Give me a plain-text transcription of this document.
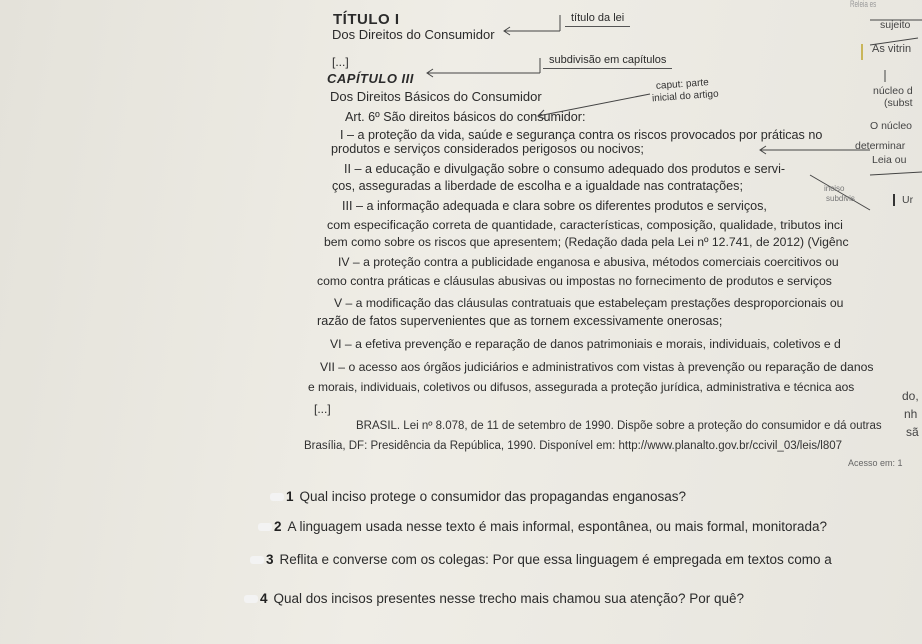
Releia es
TÍTULO I
Dos Direitos do Consumidor
[...]
CAPÍTULO III
Dos Direitos Básicos do Consumidor
Art. 6º São direitos básicos do consumidor:
título da lei
subdivisão em capítulos
caput: parte
inicial do artigo
sujeito
As vitrin
núcleo d
(subst
O núcleo
determinar
Leia ou
inciso
subdivis	Ur
do,
nh
sã
I – a proteção da vida, saúde e segurança contra os riscos provocados por práticas no
produtos e serviços considerados perigosos ou nocivos;
II – a educação e divulgação sobre o consumo adequado dos produtos e servi-
ços, asseguradas a liberdade de escolha e a igualdade nas contratações;
III – a informação adequada e clara sobre os diferentes produtos e serviços,
com especificação correta de quantidade, características, composição, qualidade, tributos inci
bem como sobre os riscos que apresentem; (Redação dada pela Lei nº 12.741, de 2012) (Vigênc
IV – a proteção contra a publicidade enganosa e abusiva, métodos comerciais coercitivos ou
como contra práticas e cláusulas abusivas ou impostas no fornecimento de produtos e serviços
V – a modificação das cláusulas contratuais que estabeleçam prestações desproporcionais ou
razão de fatos supervenientes que as tornem excessivamente onerosas;
VI – a efetiva prevenção e reparação de danos patrimoniais e morais, individuais, coletivos e d
VII – o acesso aos órgãos judiciários e administrativos com vistas à prevenção ou reparação de danos
e morais, individuais, coletivos ou difusos, assegurada a proteção jurídica, administrativa e técnica aos
[...]
BRASIL. Lei nº 8.078, de 11 de setembro de 1990. Dispõe sobre a proteção do consumidor e dá outras
Brasília, DF: Presidência da República, 1990. Disponível em: http://www.planalto.gov.br/ccivil_03/leis/l807
Acesso em: 1
1 Qual inciso protege o consumidor das propagandas enganosas?
2 A linguagem usada nesse texto é mais informal, espontânea, ou mais formal, monitorada?
3 Reflita e converse com os colegas: Por que essa linguagem é empregada em textos como a
4 Qual dos incisos presentes nesse trecho mais chamou sua atenção? Por quê?
